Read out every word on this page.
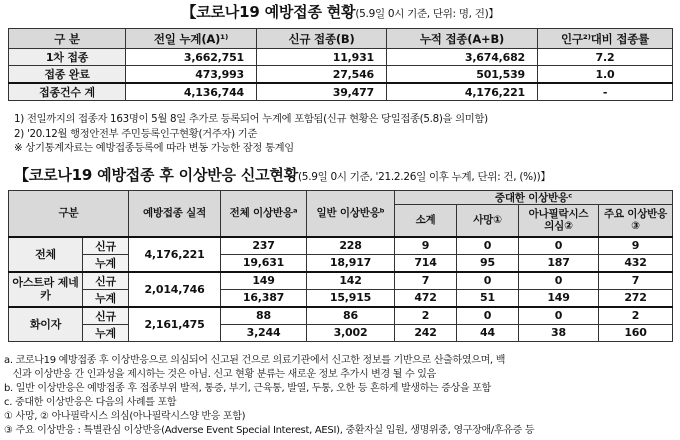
【코로나19 예방접종 현황(5.9일 0시 기준, 단위: 명, 건)】
구 분	전일 누계(A)¹⁾	신규 접종(B)	누적 접종(A+B)	인구²⁾대비 접종률
1차 접종	3,662,751	11,931	3,674,682	7.2
접종 완료	473,993	27,546	501,539	1.0
접종건수 계	4,136,744	39,477	4,176,221	-
1) 전일까지의 접종자 163명이 5월 8일 추가로 등록되어 누계에 포함됨(신규 현황은 당일접종(5.8)을 의미함)
2) '20.12월 행정안전부 주민등록인구현황(거주자) 기준
※ 상기통계자료는 예방접종등록에 따라 변동 가능한 잠정 통계임
【코로나19 예방접종 후 이상반응 신고현황(5.9일 0시 기준, '21.2.26일 이후 누계, 단위: 건, (%))】
구분		예방접종 실적	전체 이상반응ᵃ	일반 이상반응ᵇ	중대한 이상반응ᶜ			
					소계	사망①	아나필락시스 의심②	주요 이상반응③
전체	신규	4,176,221	237	228	9	0	0	9
	누계		19,631	18,917	714	95	187	432
아스트라 제네카	신규	2,014,746	149	142	7	0	0	7
	누계		16,387	15,915	472	51	149	272
화이자	신규	2,161,475	88	86	2	0	0	2
	누계		3,244	3,002	242	44	38	160
a. 코로나19 예방접종 후 이상반응으로 의심되어 신고된 건으로 의료기관에서 신고한 정보를 기반으로 산출하였으며, 백
신과 이상반응 간 인과성을 제시하는 것은 아님. 신고 현황 분류는 새로운 정보 추가시 변경 될 수 있음
b. 일반 이상반응은 예방접종 후 접종부위 발적, 통증, 부기, 근육통, 발열, 두통, 오한 등 흔하게 발생하는 증상을 포함
c. 중대한 이상반응은 다음의 사례를 포함
① 사망, ② 아나필락시스 의심(아나필락시스양 반응 포함)
③ 주요 이상반응 : 특별관심 이상반응(Adverse Event Special Interest, AESI), 중환자실 입원, 생명위중, 영구장애/후유증 등
